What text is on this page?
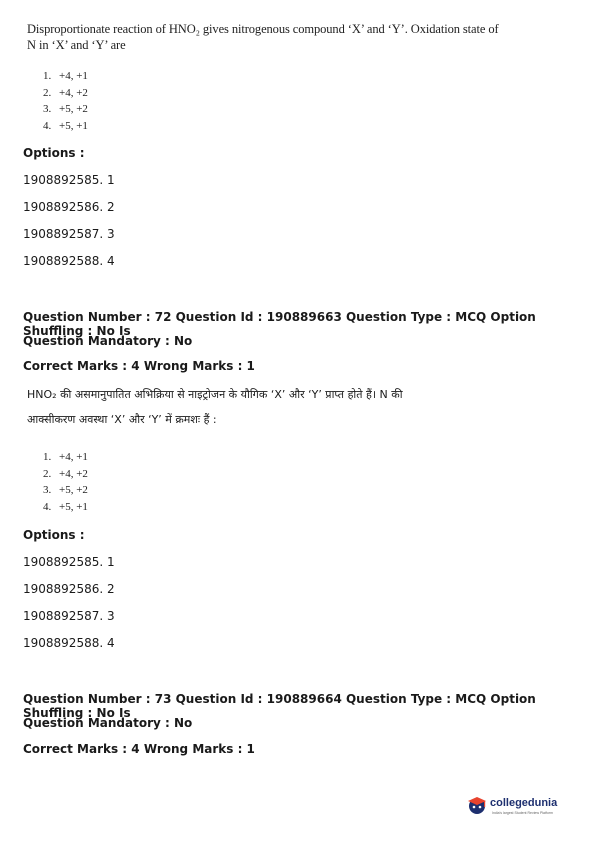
Disproportionate reaction of HNO₂ gives nitrogenous compound ‘X’ and ‘Y’. Oxidation state of
N in ‘X’ and ‘Y’ are
1. +4, +1
2. +4, +2
3. +5, +2
4. +5, +1
Options :
1908892585. 1
1908892586. 2
1908892587. 3
1908892588. 4
Question Number : 72 Question Id : 190889663 Question Type : MCQ Option Shuffling : No Is
Question Mandatory : No
Correct Marks : 4 Wrong Marks : 1
HNO₂ की असमानुपातित अभिक्रिया से नाइट्रोजन के यौगिक ‘X’ और ‘Y’ प्राप्त होते हैं। N की
आक्सीकरण अवस्था ‘X’ और ‘Y’ में क्रमशः हैं :
1. +4, +1
2. +4, +2
3. +5, +2
4. +5, +1
Options :
1908892585. 1
1908892586. 2
1908892587. 3
1908892588. 4
Question Number : 73 Question Id : 190889664 Question Type : MCQ Option Shuffling : No Is
Question Mandatory : No
Correct Marks : 4 Wrong Marks : 1
collegedunia
India's largest Student Review Platform
